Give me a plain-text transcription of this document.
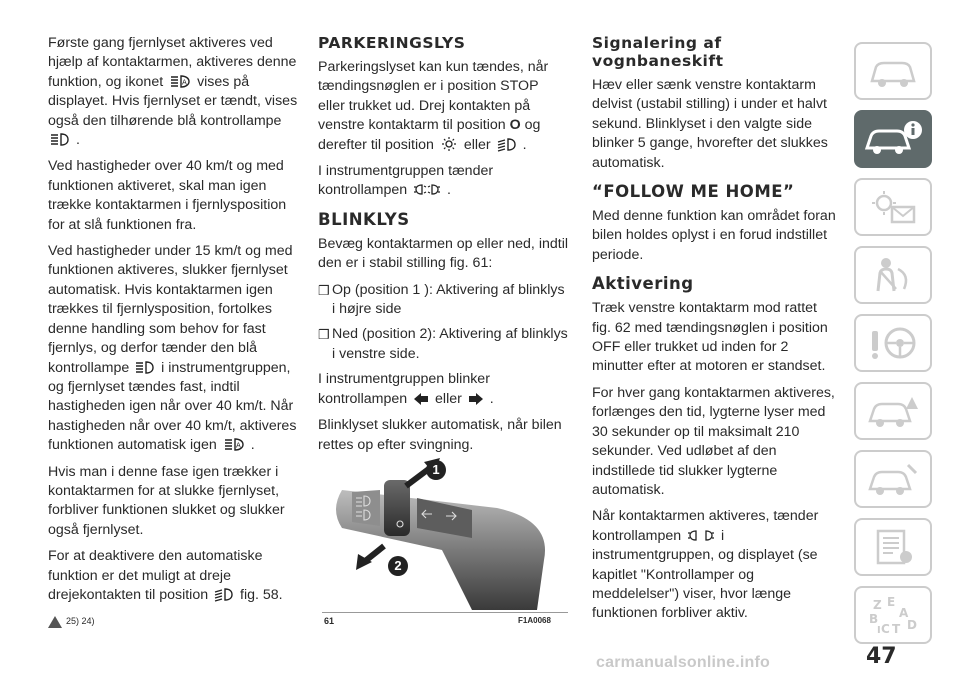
Første gang fjernlyset aktiveres ved hjælp af kontaktarmen, aktiveres denne funktion, og ikonet	A vises på displayet. Hvis fjernlyset er tændt, vises også den tilhørende blå kontrollampe  .

Ved hastigheder over 40 km/t og med funktionen aktiveret, skal man igen trække kontaktarmen i fjernlysposition for at slå funktionen fra.

Ved hastigheder under 15 km/t og med funktionen aktiveres, slukker fjernlyset automatisk. Hvis kontaktarmen igen trækkes til fjernlysposition, fortolkes denne handling som behov for fast fjernlys, og derfor tænder den blå kontrollampe i instrumentgruppen, og fjernlyset tændes fast, indtil hastigheden igen når over 40 km/t. Når hastigheden når over 40 km/t, aktiveres funktionen automatisk igen	A .

Hvis man i denne fase igen trækker i kontaktarmen for at slukke fjernlyset, forbliver funktionen slukket og slukker også fjernlyset.

For at deaktivere den automatiske funktion er det muligt at dreje drejekontakten til position fig. 58.

25) 24)
PARKERINGSLYS

Parkeringslyset kan kun tændes, når tændingsnøglen er i position STOP eller trukket ud. Drej kontakten på venstre kontaktarm til position O og derefter til position eller .

I instrumentgruppen tænder kontrollampen	.

BLINKLYS

Bevæg kontaktarmen op eller ned, indtil den er i stabil stilling fig. 61:

❒ Op (position 1 ): Aktivering af blinklys i højre side
❒ Ned (position 2): Aktivering af blinklys i venstre side.

I instrumentgruppen blinker kontrollampen eller .

Blinklyset slukker automatisk, når bilen rettes op efter svingning.

1
2
61	F1A0068
Signalering af vognbaneskift

Hæv eller sænk venstre kontaktarm delvist (ustabil stilling) i under et halvt sekund. Blinklyset i den valgte side blinker 5 gange, hvorefter det slukkes automatisk.

“FOLLOW ME HOME”

Med denne funktion kan området foran bilen holdes oplyst i en forud indstillet periode.

Aktivering

Træk venstre kontaktarm mod rattet fig. 62 med tændingsnøglen i position OFF eller trukket ud inden for 2 minutter efter at motoren er standset.

For hver gang kontaktarmen aktiveres, forlænges den tid, lygterne lyser med 30 sekunder op til maksimalt 210 sekunder. Ved udløbet af den indstillede tid slukker lygterne automatisk.

Når kontaktarmen aktiveres, tænder kontrollampen	i instrumentgruppen, og displayet (se kapitlet "Kontrollamper og meddelelser") viser, hvor længe funktionen forbliver aktiv.

Z E
A
B
C T D
I
47
carmanualsonline.info
